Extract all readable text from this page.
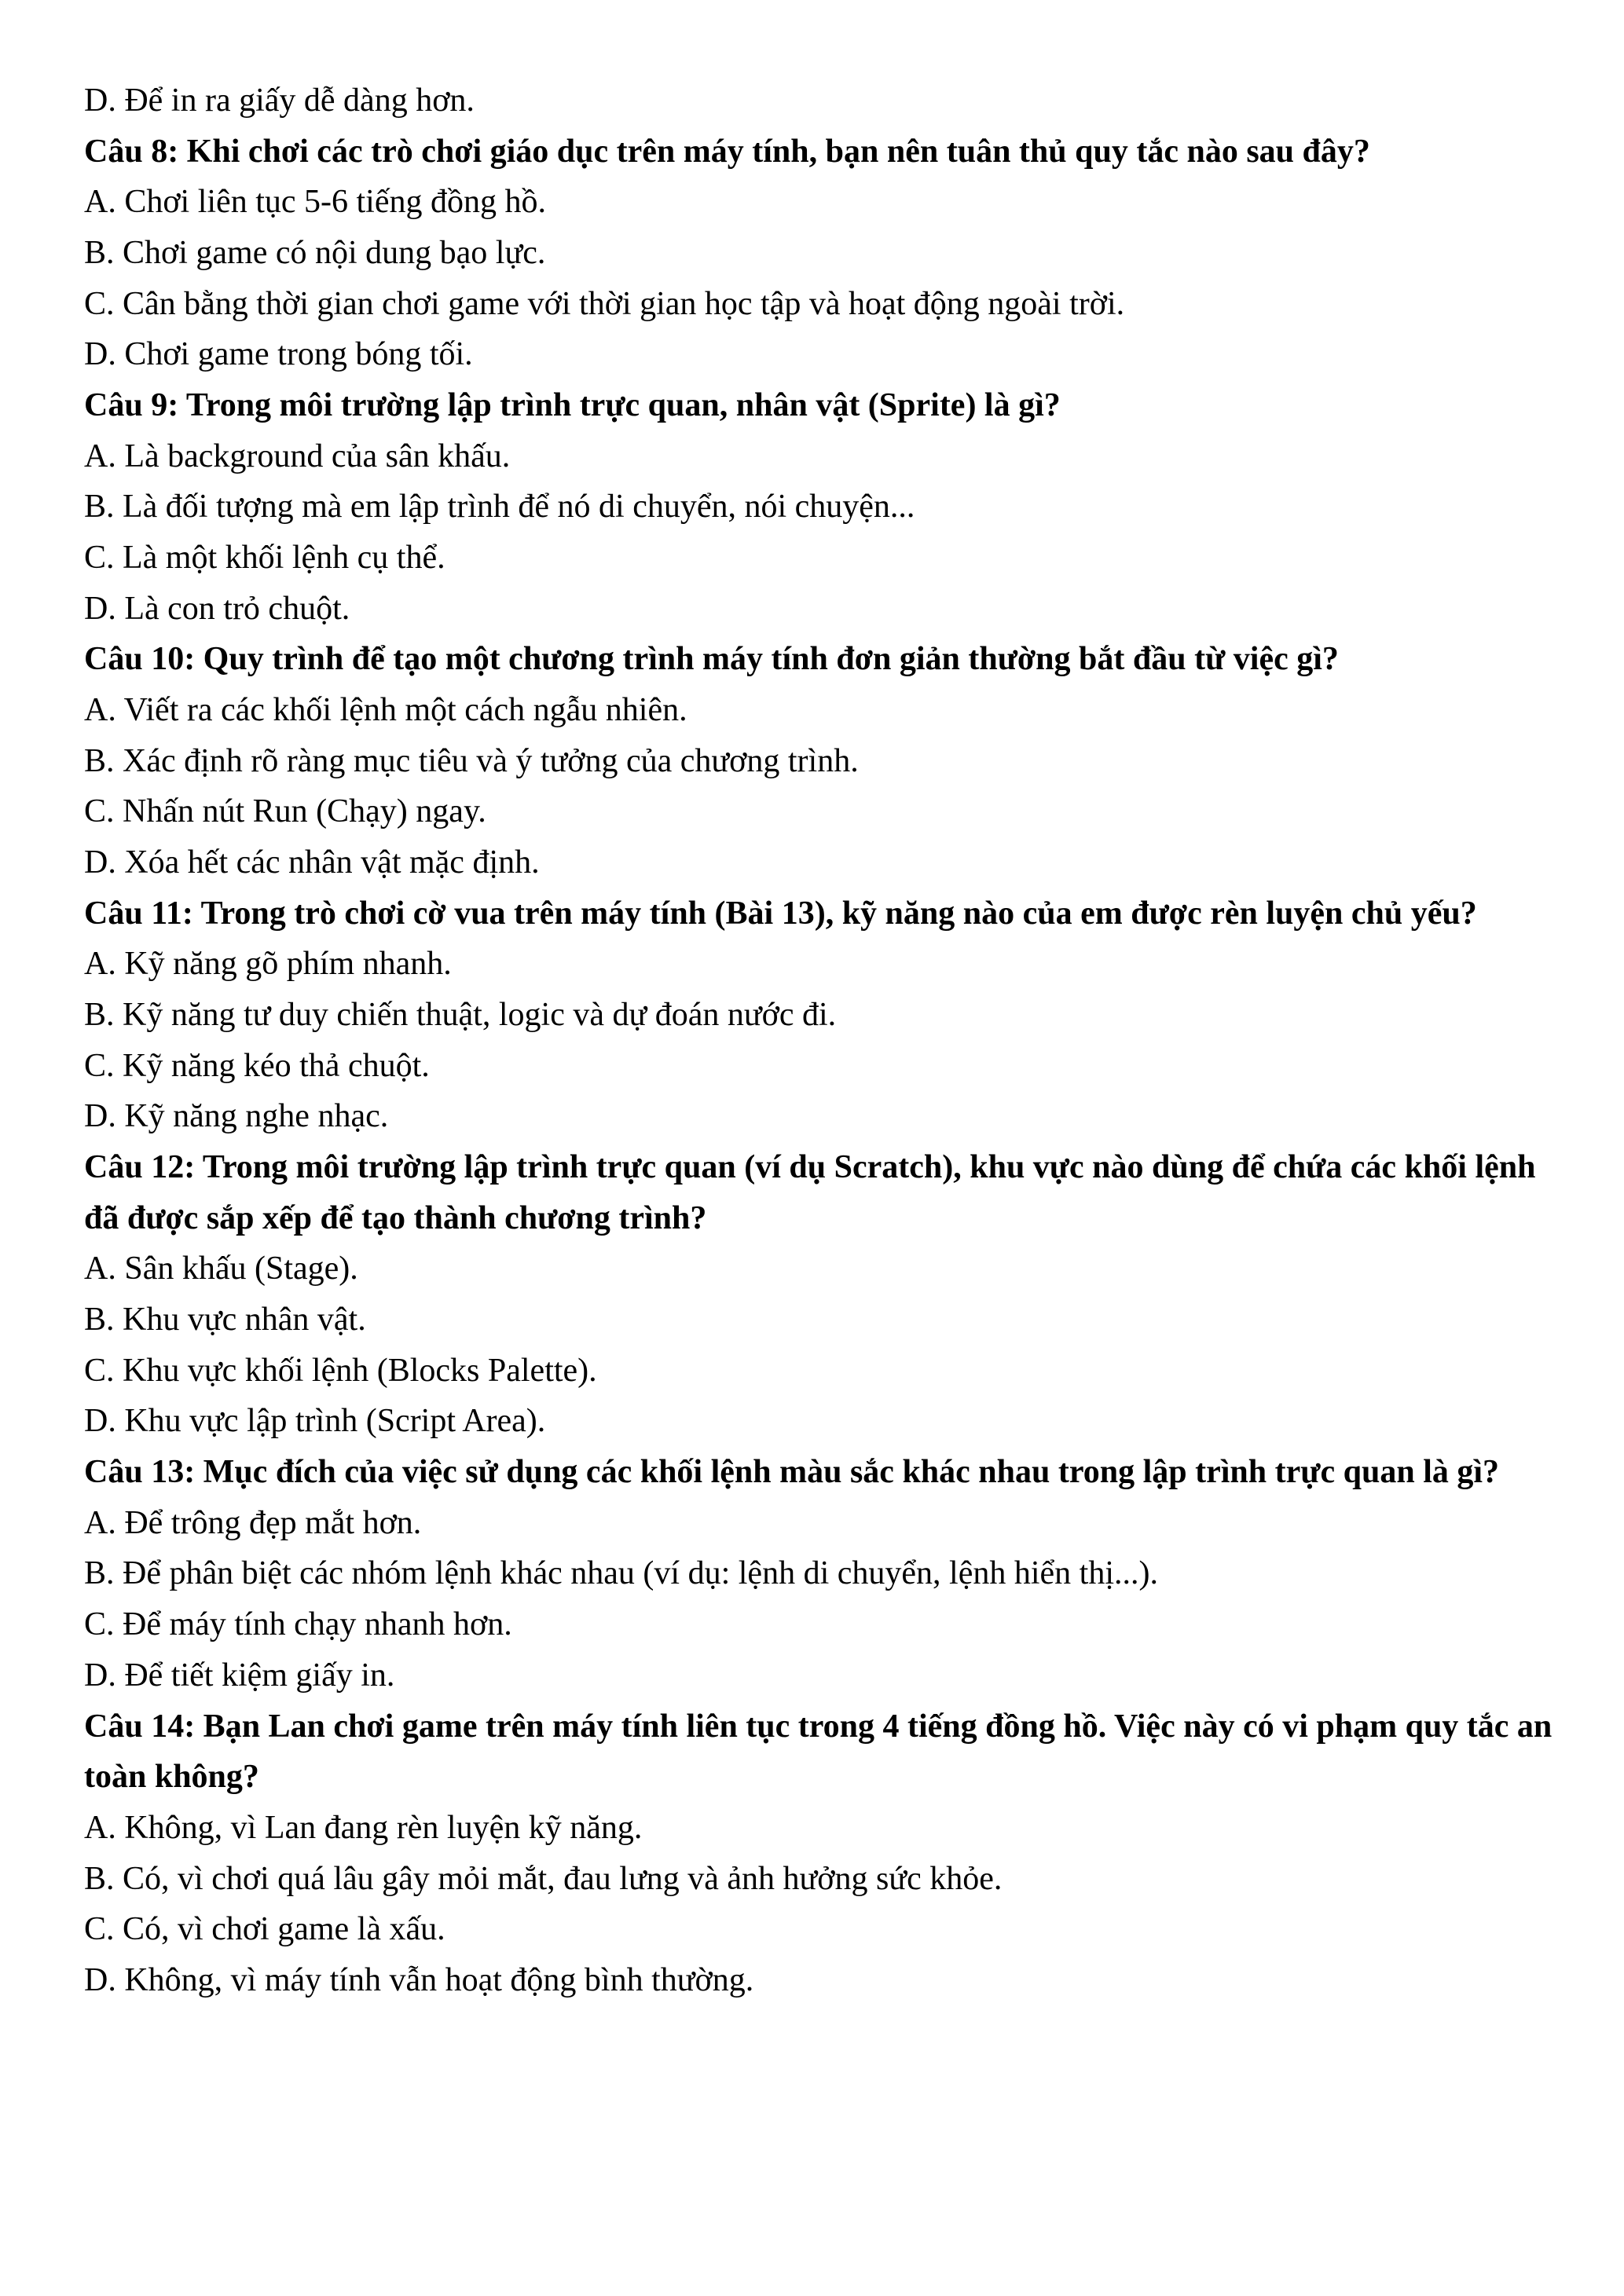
D. Để in ra giấy dễ dàng hơn.

Câu 8: Khi chơi các trò chơi giáo dục trên máy tính, bạn nên tuân thủ quy tắc nào sau đây?

A. Chơi liên tục 5-6 tiếng đồng hồ.

B. Chơi game có nội dung bạo lực.

C. Cân bằng thời gian chơi game với thời gian học tập và hoạt động ngoài trời.

D. Chơi game trong bóng tối.

Câu 9: Trong môi trường lập trình trực quan, nhân vật (Sprite) là gì?

A. Là background của sân khấu.

B. Là đối tượng mà em lập trình để nó di chuyển, nói chuyện...

C. Là một khối lệnh cụ thể.

D. Là con trỏ chuột.

Câu 10: Quy trình để tạo một chương trình máy tính đơn giản thường bắt đầu từ việc gì?

A. Viết ra các khối lệnh một cách ngẫu nhiên.

B. Xác định rõ ràng mục tiêu và ý tưởng của chương trình.

C. Nhấn nút Run (Chạy) ngay.

D. Xóa hết các nhân vật mặc định.

Câu 11: Trong trò chơi cờ vua trên máy tính (Bài 13), kỹ năng nào của em được rèn luyện chủ yếu?

A. Kỹ năng gõ phím nhanh.

B. Kỹ năng tư duy chiến thuật, logic và dự đoán nước đi.

C. Kỹ năng kéo thả chuột.

D. Kỹ năng nghe nhạc.

Câu 12: Trong môi trường lập trình trực quan (ví dụ Scratch), khu vực nào dùng để chứa các khối lệnh đã được sắp xếp để tạo thành chương trình?

A. Sân khấu (Stage).

B. Khu vực nhân vật.

C. Khu vực khối lệnh (Blocks Palette).

D. Khu vực lập trình (Script Area).

Câu 13: Mục đích của việc sử dụng các khối lệnh màu sắc khác nhau trong lập trình trực quan là gì?

A. Để trông đẹp mắt hơn.

B. Để phân biệt các nhóm lệnh khác nhau (ví dụ: lệnh di chuyển, lệnh hiển thị...).

C. Để máy tính chạy nhanh hơn.

D. Để tiết kiệm giấy in.

Câu 14: Bạn Lan chơi game trên máy tính liên tục trong 4 tiếng đồng hồ. Việc này có vi phạm quy tắc an toàn không?

A. Không, vì Lan đang rèn luyện kỹ năng.

B. Có, vì chơi quá lâu gây mỏi mắt, đau lưng và ảnh hưởng sức khỏe.

C. Có, vì chơi game là xấu.

D. Không, vì máy tính vẫn hoạt động bình thường.
